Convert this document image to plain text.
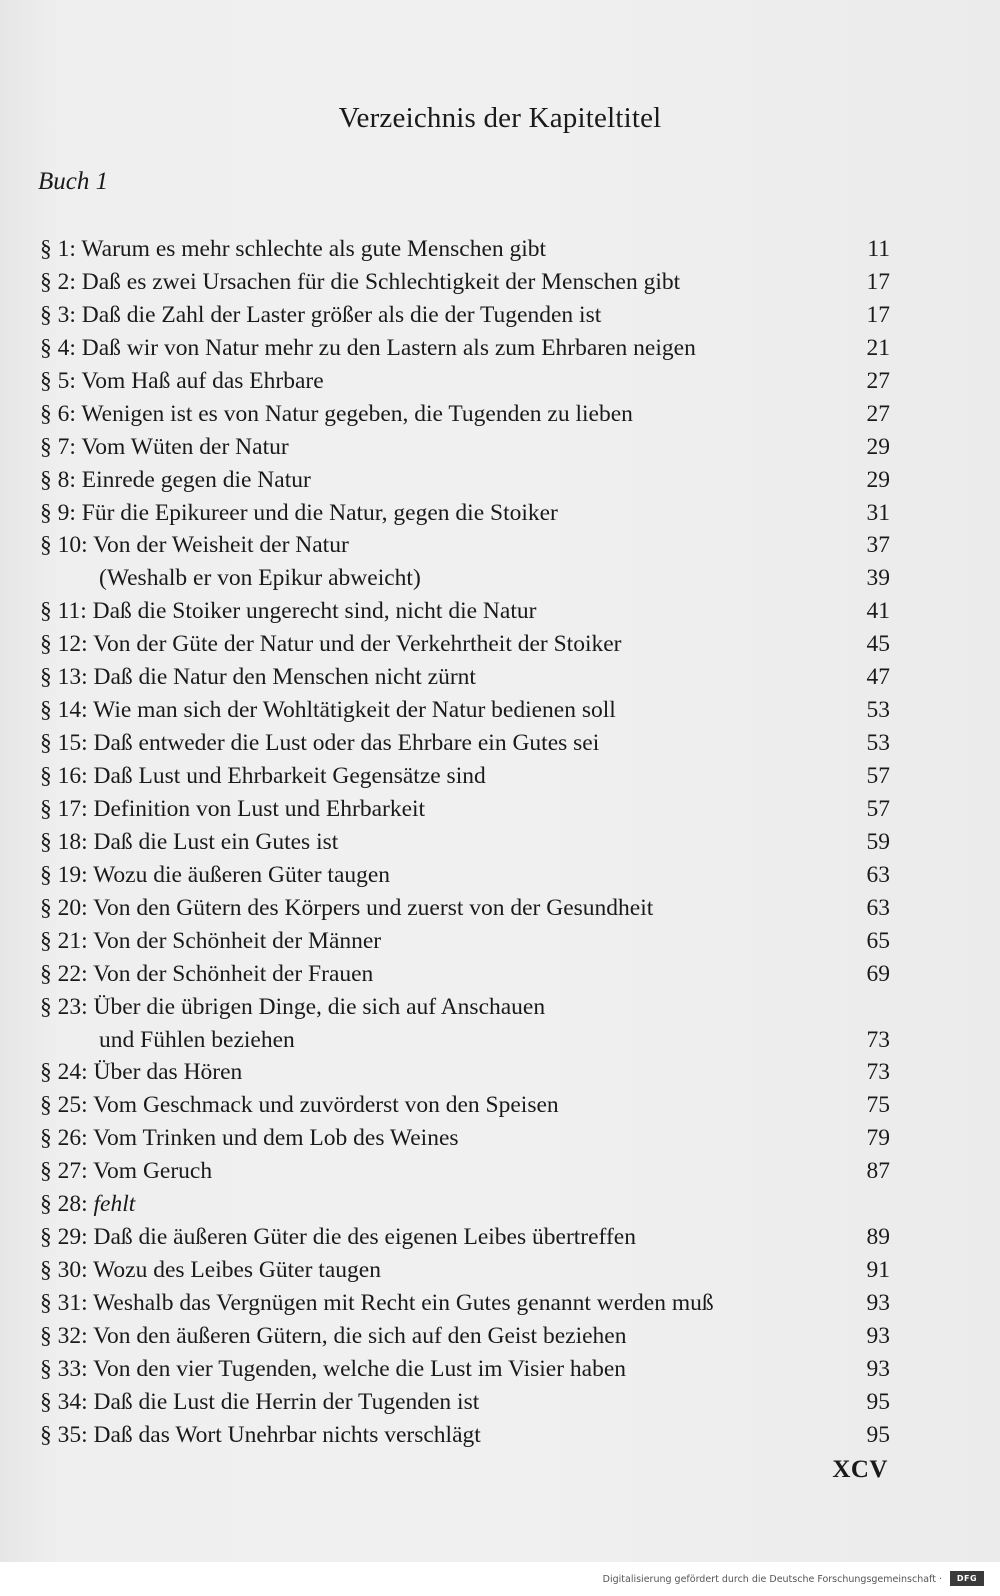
Verzeichnis der Kapiteltitel
Buch 1
§ 1: Warum es mehr schlechte als gute Menschen gibt	11
§ 2: Daß es zwei Ursachen für die Schlechtigkeit der Menschen gibt	17
§ 3: Daß die Zahl der Laster größer als die der Tugenden ist	17
§ 4: Daß wir von Natur mehr zu den Lastern als zum Ehrbaren neigen	21
§ 5: Vom Haß auf das Ehrbare	27
§ 6: Wenigen ist es von Natur gegeben, die Tugenden zu lieben	27
§ 7: Vom Wüten der Natur	29
§ 8: Einrede gegen die Natur	29
§ 9: Für die Epikureer und die Natur, gegen die Stoiker	31
§ 10: Von der Weisheit der Natur	37
(Weshalb er von Epikur abweicht)	39
§ 11: Daß die Stoiker ungerecht sind, nicht die Natur	41
§ 12: Von der Güte der Natur und der Verkehrtheit der Stoiker	45
§ 13: Daß die Natur den Menschen nicht zürnt	47
§ 14: Wie man sich der Wohltätigkeit der Natur bedienen soll	53
§ 15: Daß entweder die Lust oder das Ehrbare ein Gutes sei	53
§ 16: Daß Lust und Ehrbarkeit Gegensätze sind	57
§ 17: Definition von Lust und Ehrbarkeit	57
§ 18: Daß die Lust ein Gutes ist	59
§ 19: Wozu die äußeren Güter taugen	63
§ 20: Von den Gütern des Körpers und zuerst von der Gesundheit	63
§ 21: Von der Schönheit der Männer	65
§ 22: Von der Schönheit der Frauen	69
§ 23: Über die übrigen Dinge, die sich auf Anschauen
und Fühlen beziehen	73
§ 24: Über das Hören	73
§ 25: Vom Geschmack und zuvörderst von den Speisen	75
§ 26: Vom Trinken und dem Lob des Weines	79
§ 27: Vom Geruch	87
§ 28: fehlt
§ 29: Daß die äußeren Güter die des eigenen Leibes übertreffen	89
§ 30: Wozu des Leibes Güter taugen	91
§ 31: Weshalb das Vergnügen mit Recht ein Gutes genannt werden muß	93
§ 32: Von den äußeren Gütern, die sich auf den Geist beziehen	93
§ 33: Von den vier Tugenden, welche die Lust im Visier haben	93
§ 34: Daß die Lust die Herrin der Tugenden ist	95
§ 35: Daß das Wort Unehrbar nichts verschlägt	95
XCV
Digitalisierung gefördert durch die Deutsche Forschungsgemeinschaft ·	DFG
